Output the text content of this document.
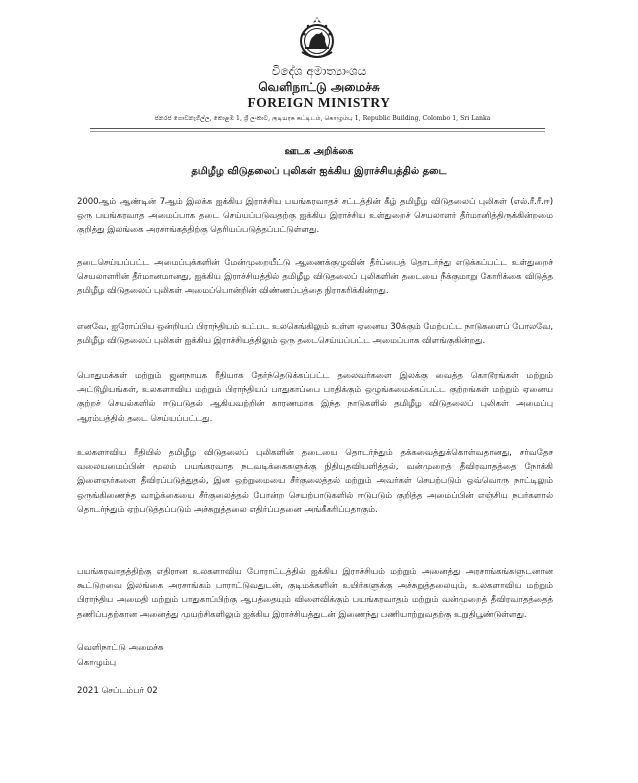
විදේශ අමාත්‍යාංශය
வெளிநாட்டு அமைச்சு
FOREIGN MINISTRY
ජනරජ ගොඩනැගිල්ල, කොළඹ 1, ශ්‍රී ලංකාව, குடியரசு கட்டிடம், கொழும்பு 1, Republic Building, Colombo 1, Sri Lanka
ஊடக அறிக்கை
தமிழீழ விடுதலைப் புலிகள் ஐக்கிய இராச்சியத்தில் தடை
2000ஆம் ஆண்டின் 7ஆம் இலக்க ஐக்கிய இராச்சிய பயங்கரவாதச் சட்டத்தின் கீழ் தமிழீழ விடுதலைப் புலிகள் (எல்.ரீ.ரீ.ஈ) ஒரு பயங்கரவாத அமைப்பாக தடை செய்யப்படுவதற்கு ஐக்கிய இராச்சிய உள்துறைச் செயலாளர் தீர்மானித்திருக்கின்றமை குறித்து இலங்கை அரசாங்கத்திற்கு தெரியப்படுத்தப்பட்டுள்ளது.
தடைசெய்யப்பட்ட அமைப்புக்களின் மேன்முறையீட்டு ஆணைக்குழுவின் தீர்ப்பைத் தொடர்ந்து எடுக்கப்பட்ட உள்துறைச் செயலாளரின் தீர்மானமானது, ஐக்கிய இராச்சியத்தில் தமிழீழ விடுதலைப் புலிகளின் தடையை நீக்குமாறு கோரிக்கை விடுத்த தமிழீழ விடுதலைப் புலிகள் அமைப்பொன்றின் விண்ணப்பத்தை நிராகரிக்கின்றது.
எனவே, ஐரோப்பிய ஒன்றியப் பிராந்தியம் உட்பட உலகெங்கிலும் உள்ள ஏனைய 30க்கும் மேற்பட்ட நாடுகளைப் போலவே, தமிழீழ விடுதலைப் புலிகள் ஐக்கிய இராச்சியத்திலும் ஒரு தடைசெய்யப்பட்ட அமைப்பாக விளங்குகின்றது.
பொதுமக்கள் மற்றும் ஜனநாயக ரீதியாக தேர்ந்தெடுக்கப்பட்ட தலைவர்களை இலக்கு வைத்த கொடூரங்கள் மற்றும் அட்டூழியங்கள், உலகளாவிய மற்றும் பிராந்தியப் பாதுகாப்பை பாதிக்கும் ஒழுங்கமைக்கப்பட்ட குற்றங்கள் மற்றும் ஏனைய குற்றச் செயல்களில் ஈடுபடுதல் ஆகியவற்றின் காரணமாக இந்த நாடுகளில் தமிழீழ விடுதலைப் புலிகள் அமைப்பு ஆரம்பத்தில் தடை செய்யப்பட்டது.
உலகளாவிய ரீதியில் தமிழீழ விடுதலைப் புலிகளின் தடையை தொடர்ந்தும் தக்கவைத்துக்கொள்வதானது, சர்வதேச வலையமைப்பின் மூலம் பயங்கரவாத நடவடிக்கைகளுக்கு நிதியுதவியளித்தல், வன்முறைத் தீவிரவாதத்தை நோக்கி இளைஞர்களை தீவிரப்படுத்துதல், இன ஒற்றுமையை சீர்குலைத்தல் மற்றும் அவர்கள் செயற்படும் ஒவ்வொரு நாட்டிலும் ஒருங்கிணைந்த வாழ்க்கையை சீர்குலைத்தல் போன்ற செயற்பாடுகளில் ஈடுபடும் குறித்த அமைப்பின் எஞ்சிய நபர்களால் தொடர்ந்தும் ஏற்படுத்தப்படும் அச்சுறுத்தலை எதிர்ப்பதனை அங்கீகரிப்பதாகும்.
பயங்கரவாதத்திற்கு எதிரான உலகளாவிய போராட்டத்தில் ஐக்கிய இராச்சியம் மற்றும் அனைத்து அரசாங்கங்களுடனான கூட்டுறவை இலங்கை அரசாங்கம் பாராட்டுவதுடன், குடிமக்களின் உயிர்களுக்கு அச்சுறுத்தலையும், உலகளாவிய மற்றும் பிராந்திய அமைதி மற்றும் பாதுகாப்பிற்கு ஆபத்தையும் விளைவிக்கும் பயங்கரவாதம் மற்றும் வன்முறைத் தீவிரவாதத்தைத் தணிப்பதற்கான அனைத்து முயற்சிகளிலும் ஐக்கிய இராச்சியத்துடன் இணைந்து பணியாற்றுவதற்கு உறுதிபூண்டுள்ளது.
வெளிநாட்டு அமைச்சு
கொழும்பு
2021 செப்டம்பர் 02
